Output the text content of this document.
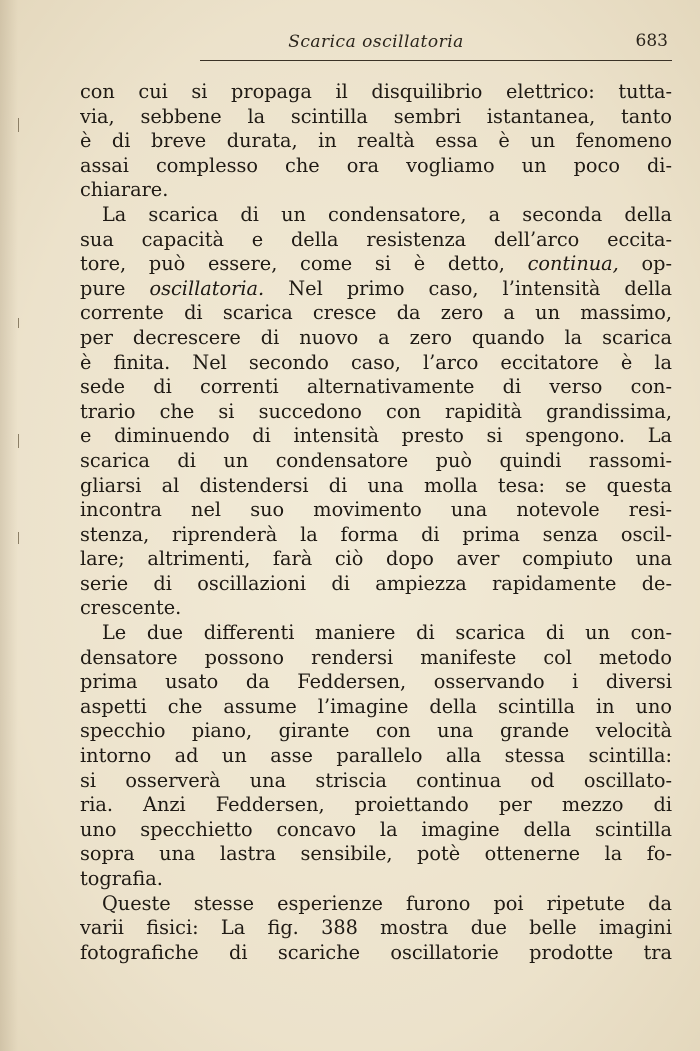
Scarica oscillatoria	683
con cui si propaga il disquilibrio elettrico: tutta-
via, sebbene la scintilla sembri istantanea, tanto
è di breve durata, in realtà essa è un fenomeno
assai complesso che ora vogliamo un poco di-
chiarare.
La scarica di un condensatore, a seconda della
sua capacità e della resistenza dell’arco eccita-
tore, può essere, come si è detto, continua, op-
pure oscillatoria. Nel primo caso, l’intensità della
corrente di scarica cresce da zero a un massimo,
per decrescere di nuovo a zero quando la scarica
è finita. Nel secondo caso, l’arco eccitatore è la
sede di correnti alternativamente di verso con-
trario che si succedono con rapidità grandissima,
e diminuendo di intensità presto si spengono. La
scarica di un condensatore può quindi rassomi-
gliarsi al distendersi di una molla tesa: se questa
incontra nel suo movimento una notevole resi-
stenza, riprenderà la forma di prima senza oscil-
lare; altrimenti, farà ciò dopo aver compiuto una
serie di oscillazioni di ampiezza rapidamente de-
crescente.
Le due differenti maniere di scarica di un con-
densatore possono rendersi manifeste col metodo
prima usato da Feddersen, osservando i diversi
aspetti che assume l’imagine della scintilla in uno
specchio piano, girante con una grande velocità
intorno ad un asse parallelo alla stessa scintilla:
si osserverà una striscia continua od oscillato-
ria. Anzi Feddersen, proiettando per mezzo di
uno specchietto concavo la imagine della scintilla
sopra una lastra sensibile, potè ottenerne la fo-
tografia.
Queste stesse esperienze furono poi ripetute da
varii fisici: La fig. 388 mostra due belle imagini
fotografiche di scariche oscillatorie prodotte tra
